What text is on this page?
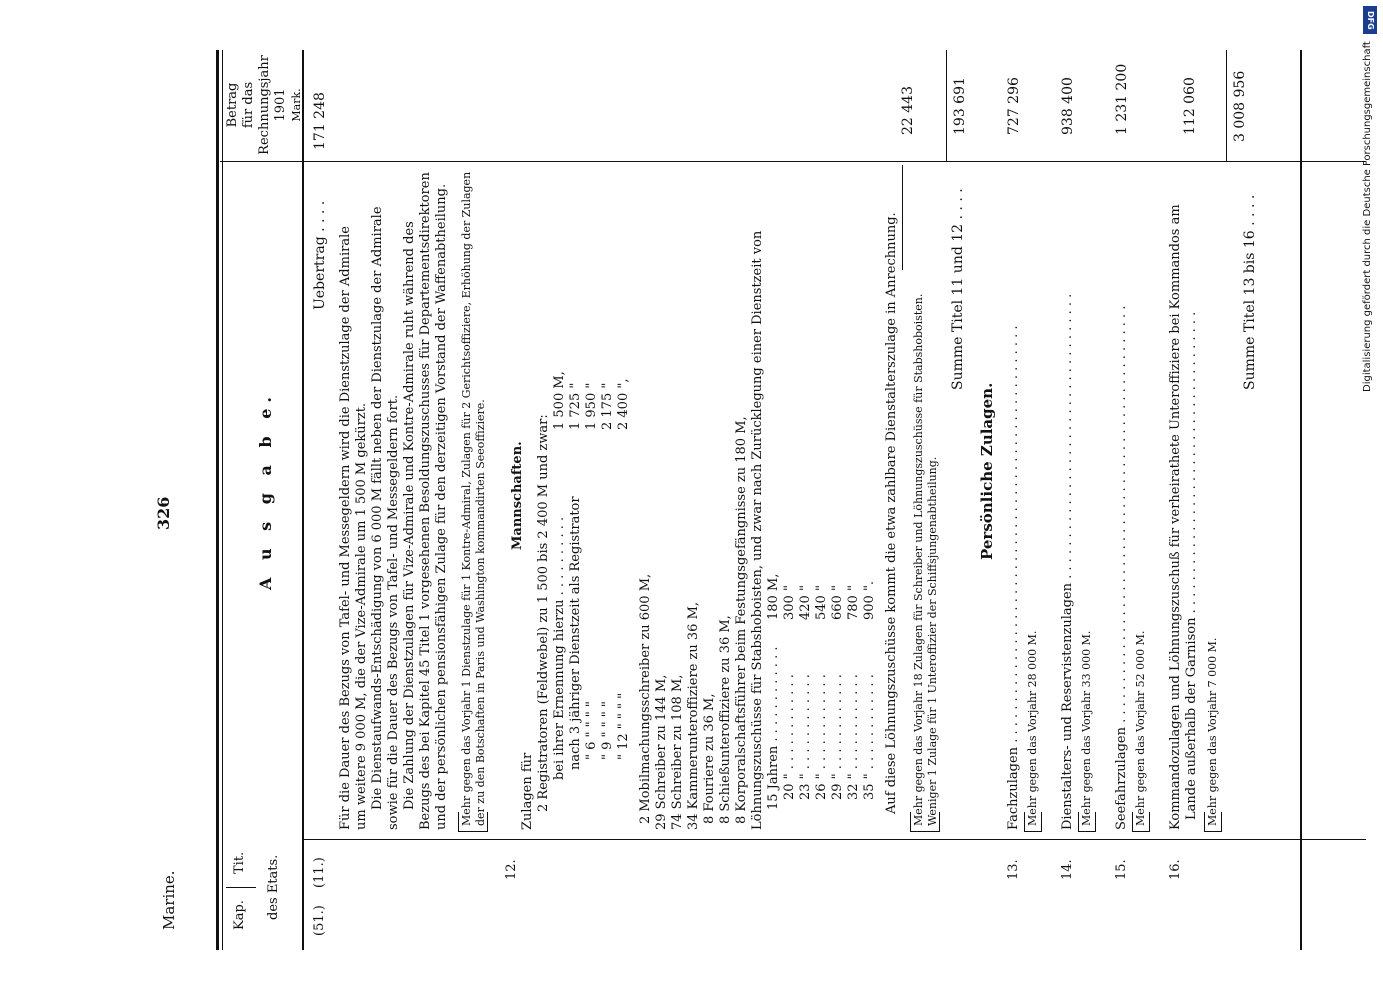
Marine.
326
Kap.
Tit. des Etats.
A u s g a b e.
Betrag für das Rechnungsjahr 1901 Mark.
(51.)
(11.)
Uebertrag . . . .
171 248
Für die Dauer des Bezugs von Tafel- und Messegeldern wird die Dienstzulage der Admirale um weitere 9 000 M, die der Vize-Admirale um 1 500 M gekürzt. Die Dienstaufwands-Entschädigung von 6 000 M fällt neben der Dienstzulage der Admirale sowie für die Dauer des Bezugs von Tafel- und Messegeldern fort. Die Zahlung der Dienstzulagen für Vize-Admirale und Kontre-Admirale ruht während des Bezugs des bei Kapitel 45 Titel 1 vorgesehenen Besoldungszuschusses für Departementsdirektoren und der persönlichen pensionsfähigen Zulage für den derzeitigen Vorstand der Waffenabtheilung. Mehr gegen das Vorjahr 1 Dienstzulage für 1 Kontre-Admiral, Zulagen für 2 Gerichtsoffiziere, Erhöhung der Zulagen der zu den Botschaften in Paris und Washington kommandirten Seeoffiziere.
12.
Zulagen für
Mannschaften. 2 Registratoren (Feldwebel) zu 1 500 bis 2 400 M und zwar: bei ihrer Ernennung hierzu . . . . . . . . . .
1 500 M,
nach 3 jähriger Dienstzeit als Registrator
1 725 "
" 6 " " " "
1 950 "
" 9 " " " "
2 175 "
" 12 " " " "
2 400 ",
2 Mobilmachungsschreiber zu 600 M, 29 Schreiber zu 144 M, 74 Schreiber zu 108 M, 34 Kammerunteroffiziere zu 36 M, 8 Fouriere zu 36 M, 8 Schießunteroffiziere zu 36 M, 8 Korporalschaftsführer beim Festungsgefängnisse zu 180 M, Löhnungszuschüsse für Stabshoboisten, und zwar nach Zurücklegung einer Dienstzeit von 15 Jahren . . . . . . . . . . . .
180 M,
20 " . . . . . . . . . . . .
300 "
23 " . . . . . . . . . . . .
420 "
26 " . . . . . . . . . . . .
540 "
29 " . . . . . . . . . . . .
660 "
32 " . . . . . . . . . . . .
780 "
35 " . . . . . . . . . . . .
900 ". Auf diese Löhnungszuschüsse kommt die etwa zahlbare Dienstalterszulage in Anrechnung.
22 443
Mehr gegen das Vorjahr 18 Zulagen für Schreiber und Löhnungszuschüsse für Stabshoboisten. Weniger 1 Zulage für 1 Unteroffizier der Schiffsjungenabtheilung.
Summe Titel 11 und 12 . . . .
193 691
Persönliche Zulagen.
13.
Fachzulagen . . . . . . . . . . . . . . . . . . . . . . . . . . . . . . . . . . . . . . . . . . . . . . . . . . .
727 296
Mehr gegen das Vorjahr 28 000 M.
14.
Dienstalters- und Reservistenzulagen . . . . . . . . . . . . . . . . . . . . . . . . . . . . . . . . . . .
938 400
Mehr gegen das Vorjahr 33 000 M.
15.
Seefahrzulagen . . . . . . . . . . . . . . . . . . . . . . . . . . . . . . . . . . . . . . . . . . . . . . . . . . .
1 231 200
Mehr gegen das Vorjahr 52 000 M.
16.
Kommandozulagen und Löhnungszuschuß für verheirathete Unteroffiziere bei Kommandos am Lande außerhalb der Garnison . . . . . . . . . . . . . . . . . . . . . . . . . . . . . . . . . . . . .
112 060
Mehr gegen das Vorjahr 7 000 M.
Summe Titel 13 bis 16 . . . .
3 008 956
DFG
Digitalisierung gefördert durch die Deutsche Forschungsgemeinschaft
